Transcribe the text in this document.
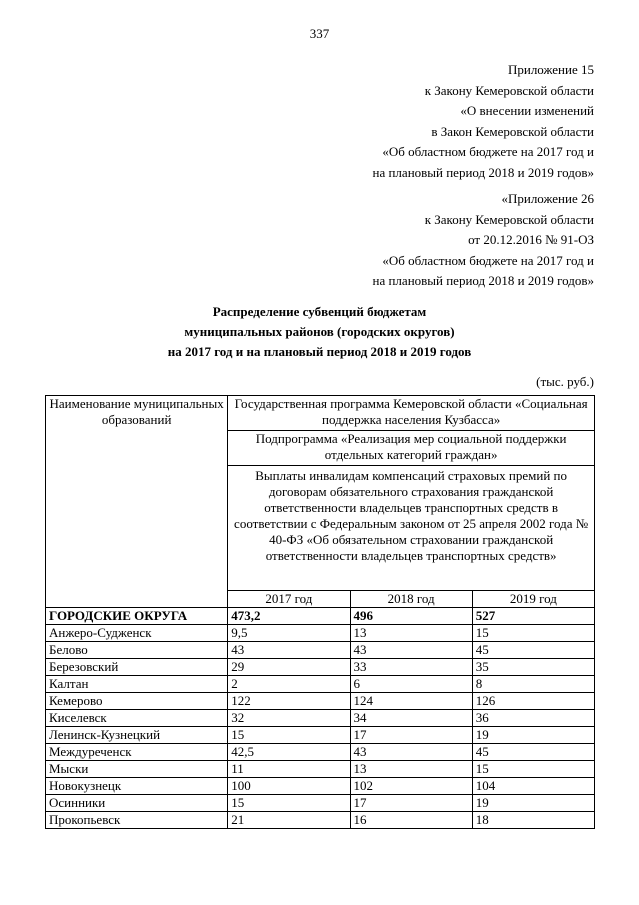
337
Приложение 15
к Закону Кемеровской области
«О внесении изменений
в Закон Кемеровской области
«Об областном бюджете на 2017 год и
на плановый период 2018 и 2019 годов»
«Приложение 26
к Закону Кемеровской области
от 20.12.2016 № 91-ОЗ
«Об областном бюджете на 2017 год и
на плановый период 2018 и 2019 годов»
Распределение субвенций бюджетам
муниципальных районов (городских округов)
на 2017 год и на плановый период 2018 и 2019 годов
(тыс. руб.)
Наименование муниципальных образований	Государственная программа Кемеровской области «Социальная поддержка населения Кузбасса»		
	Подпрограмма «Реализация мер социальной поддержки отдельных категорий граждан»		
	Выплаты инвалидам компенсаций страховых премий по договорам обязательного страхования гражданской ответственности владельцев транспортных средств в соответствии с Федеральным законом от 25 апреля 2002 года № 40-ФЗ «Об обязательном страховании гражданской ответственности владельцев транспортных средств»		
	2017 год	2018 год	2019 год
ГОРОДСКИЕ ОКРУГА	473,2	496	527
Анжеро-Судженск	9,5	13	15
Белово	43	43	45
Березовский	29	33	35
Калтан	2	6	8
Кемерово	122	124	126
Киселевск	32	34	36
Ленинск-Кузнецкий	15	17	19
Междуреченск	42,5	43	45
Мыски	11	13	15
Новокузнецк	100	102	104
Осинники	15	17	19
Прокопьевск	21	16	18
